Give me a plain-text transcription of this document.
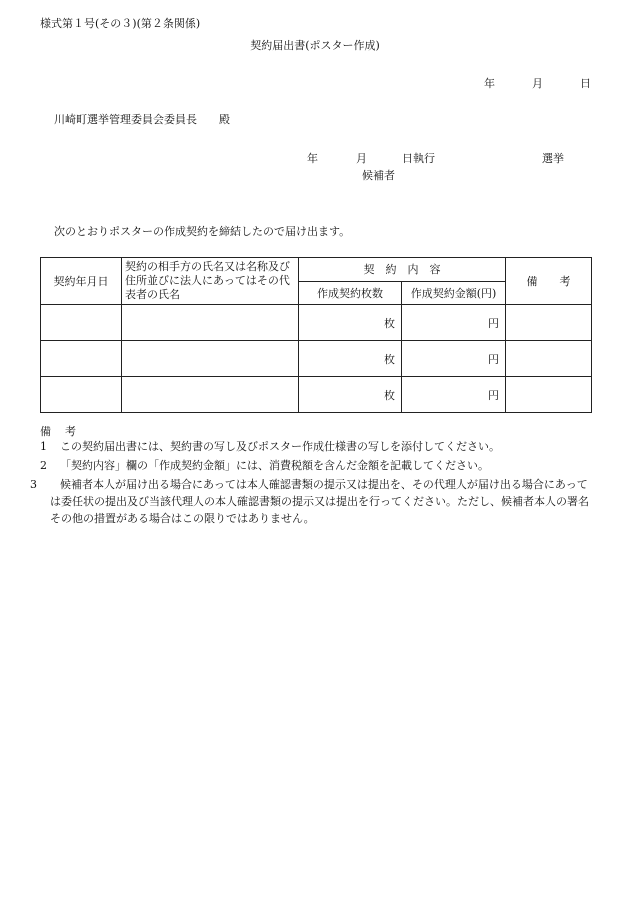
様式第１号(その３)(第２条関係)
契約届出書(ポスター作成)
年	月	日
川崎町選挙管理委員会委員長 殿
年	月	日執行	選挙
候補者
次のとおりポスターの作成契約を締結したので届け出ます。
契約年月日	契約の相手方の氏名又は名称及び住所並びに法人にあってはその代表者の氏名	契　約　内　容		備　　考
		作成契約枚数	作成契約金額(円)	
		枚	円	
		枚	円	
		枚	円	
備 考
1 この契約届出書には、契約書の写し及びポスター作成仕様書の写しを添付してください。
2 「契約内容」欄の「作成契約金額」には、消費税額を含んだ金額を記載してください。
3 候補者本人が届け出る場合にあっては本人確認書類の提示又は提出を、その代理人が届け出る場合にあっては委任状の提出及び当該代理人の本人確認書類の提示又は提出を行ってください。ただし、候補者本人の署名その他の措置がある場合はこの限りではありません。
